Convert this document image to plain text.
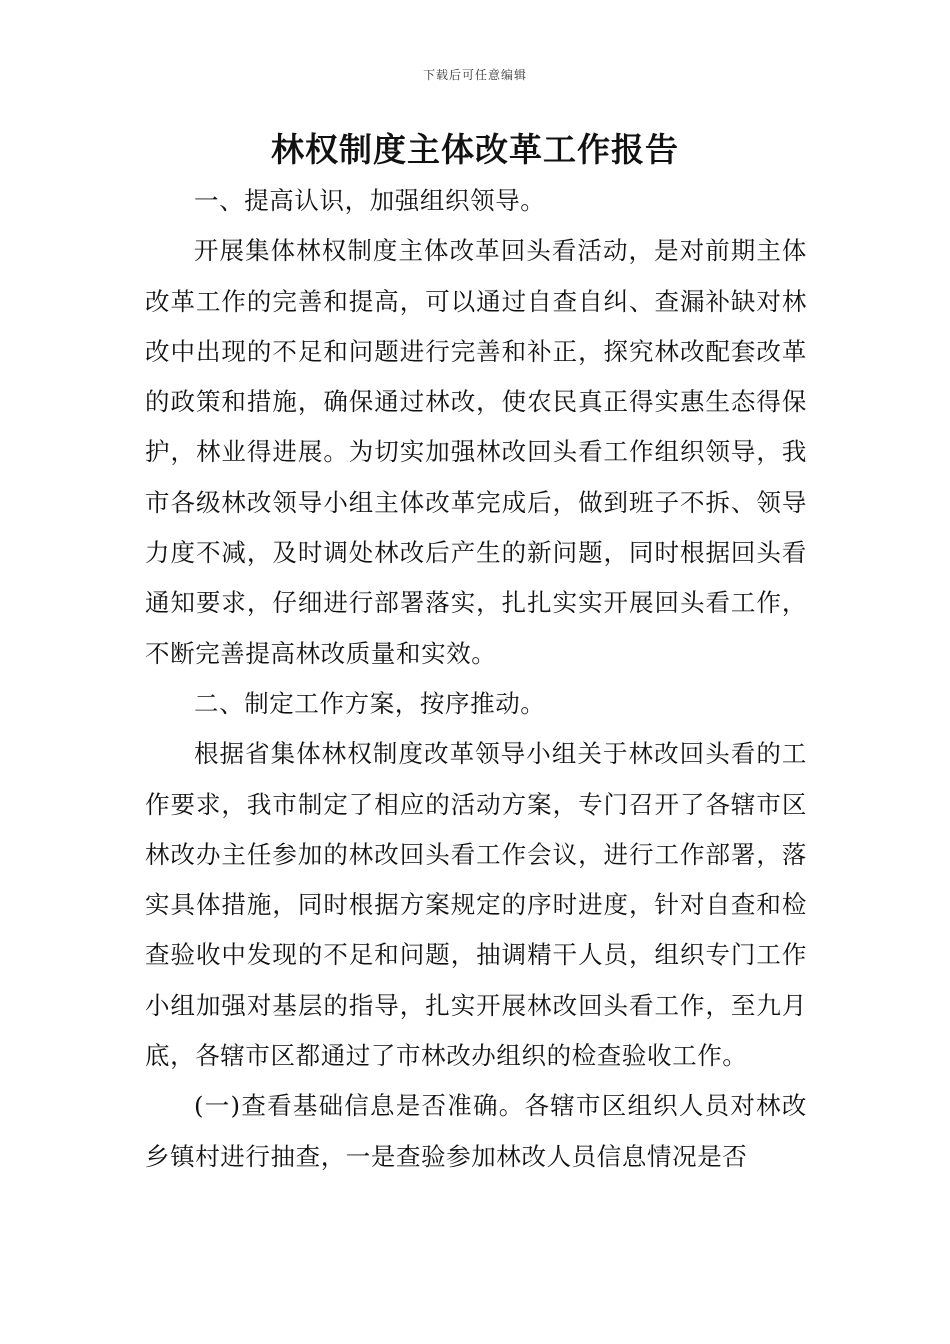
下载后可任意编辑
林权制度主体改革工作报告

一、提高认识，加强组织领导。

开展集体林权制度主体改革回头看活动，是对前期主体改革工作的完善和提高，可以通过自查自纠、查漏补缺对林改中出现的不足和问题进行完善和补正，探究林改配套改革的政策和措施，确保通过林改，使农民真正得实惠生态得保护，林业得进展。为切实加强林改回头看工作组织领导，我市各级林改领导小组主体改革完成后，做到班子不拆、领导力度不减，及时调处林改后产生的新问题，同时根据回头看通知要求，仔细进行部署落实，扎扎实实开展回头看工作，不断完善提高林改质量和实效。

二、制定工作方案，按序推动。

根据省集体林权制度改革领导小组关于林改回头看的工作要求，我市制定了相应的活动方案，专门召开了各辖市区林改办主任参加的林改回头看工作会议，进行工作部署，落实具体措施，同时根据方案规定的序时进度，针对自查和检查验收中发现的不足和问题，抽调精干人员，组织专门工作小组加强对基层的指导，扎实开展林改回头看工作，至九月底，各辖市区都通过了市林改办组织的检查验收工作。

(一)查看基础信息是否准确。各辖市区组织人员对林改乡镇村进行抽查，一是查验参加林改人员信息情况是否
